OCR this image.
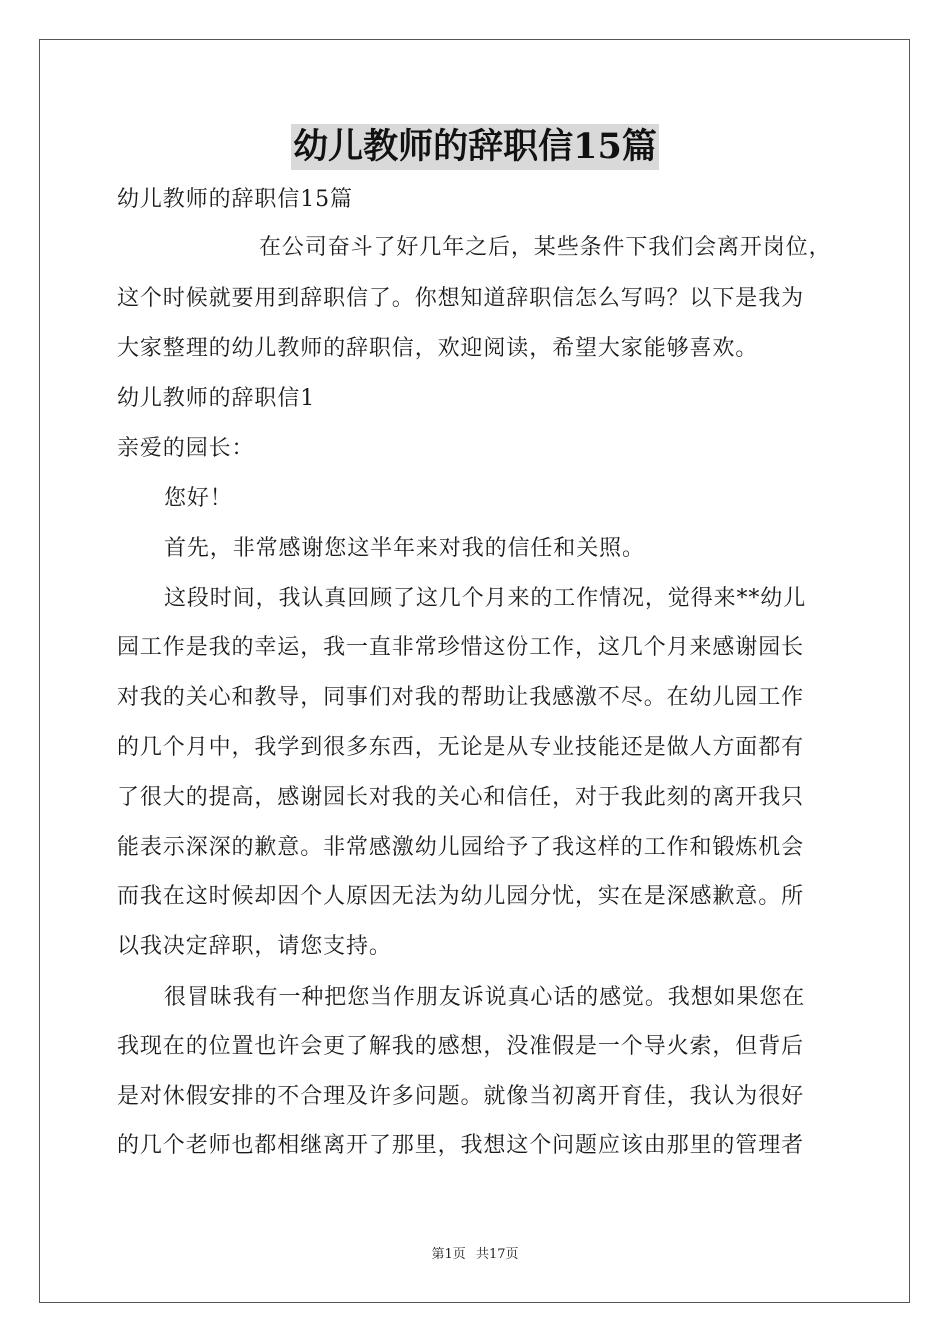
幼儿教师的辞职信15篇
幼儿教师的辞职信15篇
在公司奋斗了好几年之后，某些条件下我们会离开岗位，
这个时候就要用到辞职信了。你想知道辞职信怎么写吗？以下是我为
大家整理的幼儿教师的辞职信，欢迎阅读，希望大家能够喜欢。
幼儿教师的辞职信1
亲爱的园长：
您好！
首先，非常感谢您这半年来对我的信任和关照。
这段时间，我认真回顾了这几个月来的工作情况，觉得来**幼儿
园工作是我的幸运，我一直非常珍惜这份工作，这几个月来感谢园长
对我的关心和教导，同事们对我的帮助让我感激不尽。在幼儿园工作
的几个月中，我学到很多东西，无论是从专业技能还是做人方面都有
了很大的提高，感谢园长对我的关心和信任，对于我此刻的离开我只
能表示深深的歉意。非常感激幼儿园给予了我这样的工作和锻炼机会
而我在这时候却因个人原因无法为幼儿园分忧，实在是深感歉意。所
以我决定辞职，请您支持。
很冒昧我有一种把您当作朋友诉说真心话的感觉。我想如果您在
我现在的位置也许会更了解我的感想，没准假是一个导火索，但背后
是对休假安排的不合理及许多问题。就像当初离开育佳，我认为很好
的几个老师也都相继离开了那里，我想这个问题应该由那里的管理者
第1页 共17页
